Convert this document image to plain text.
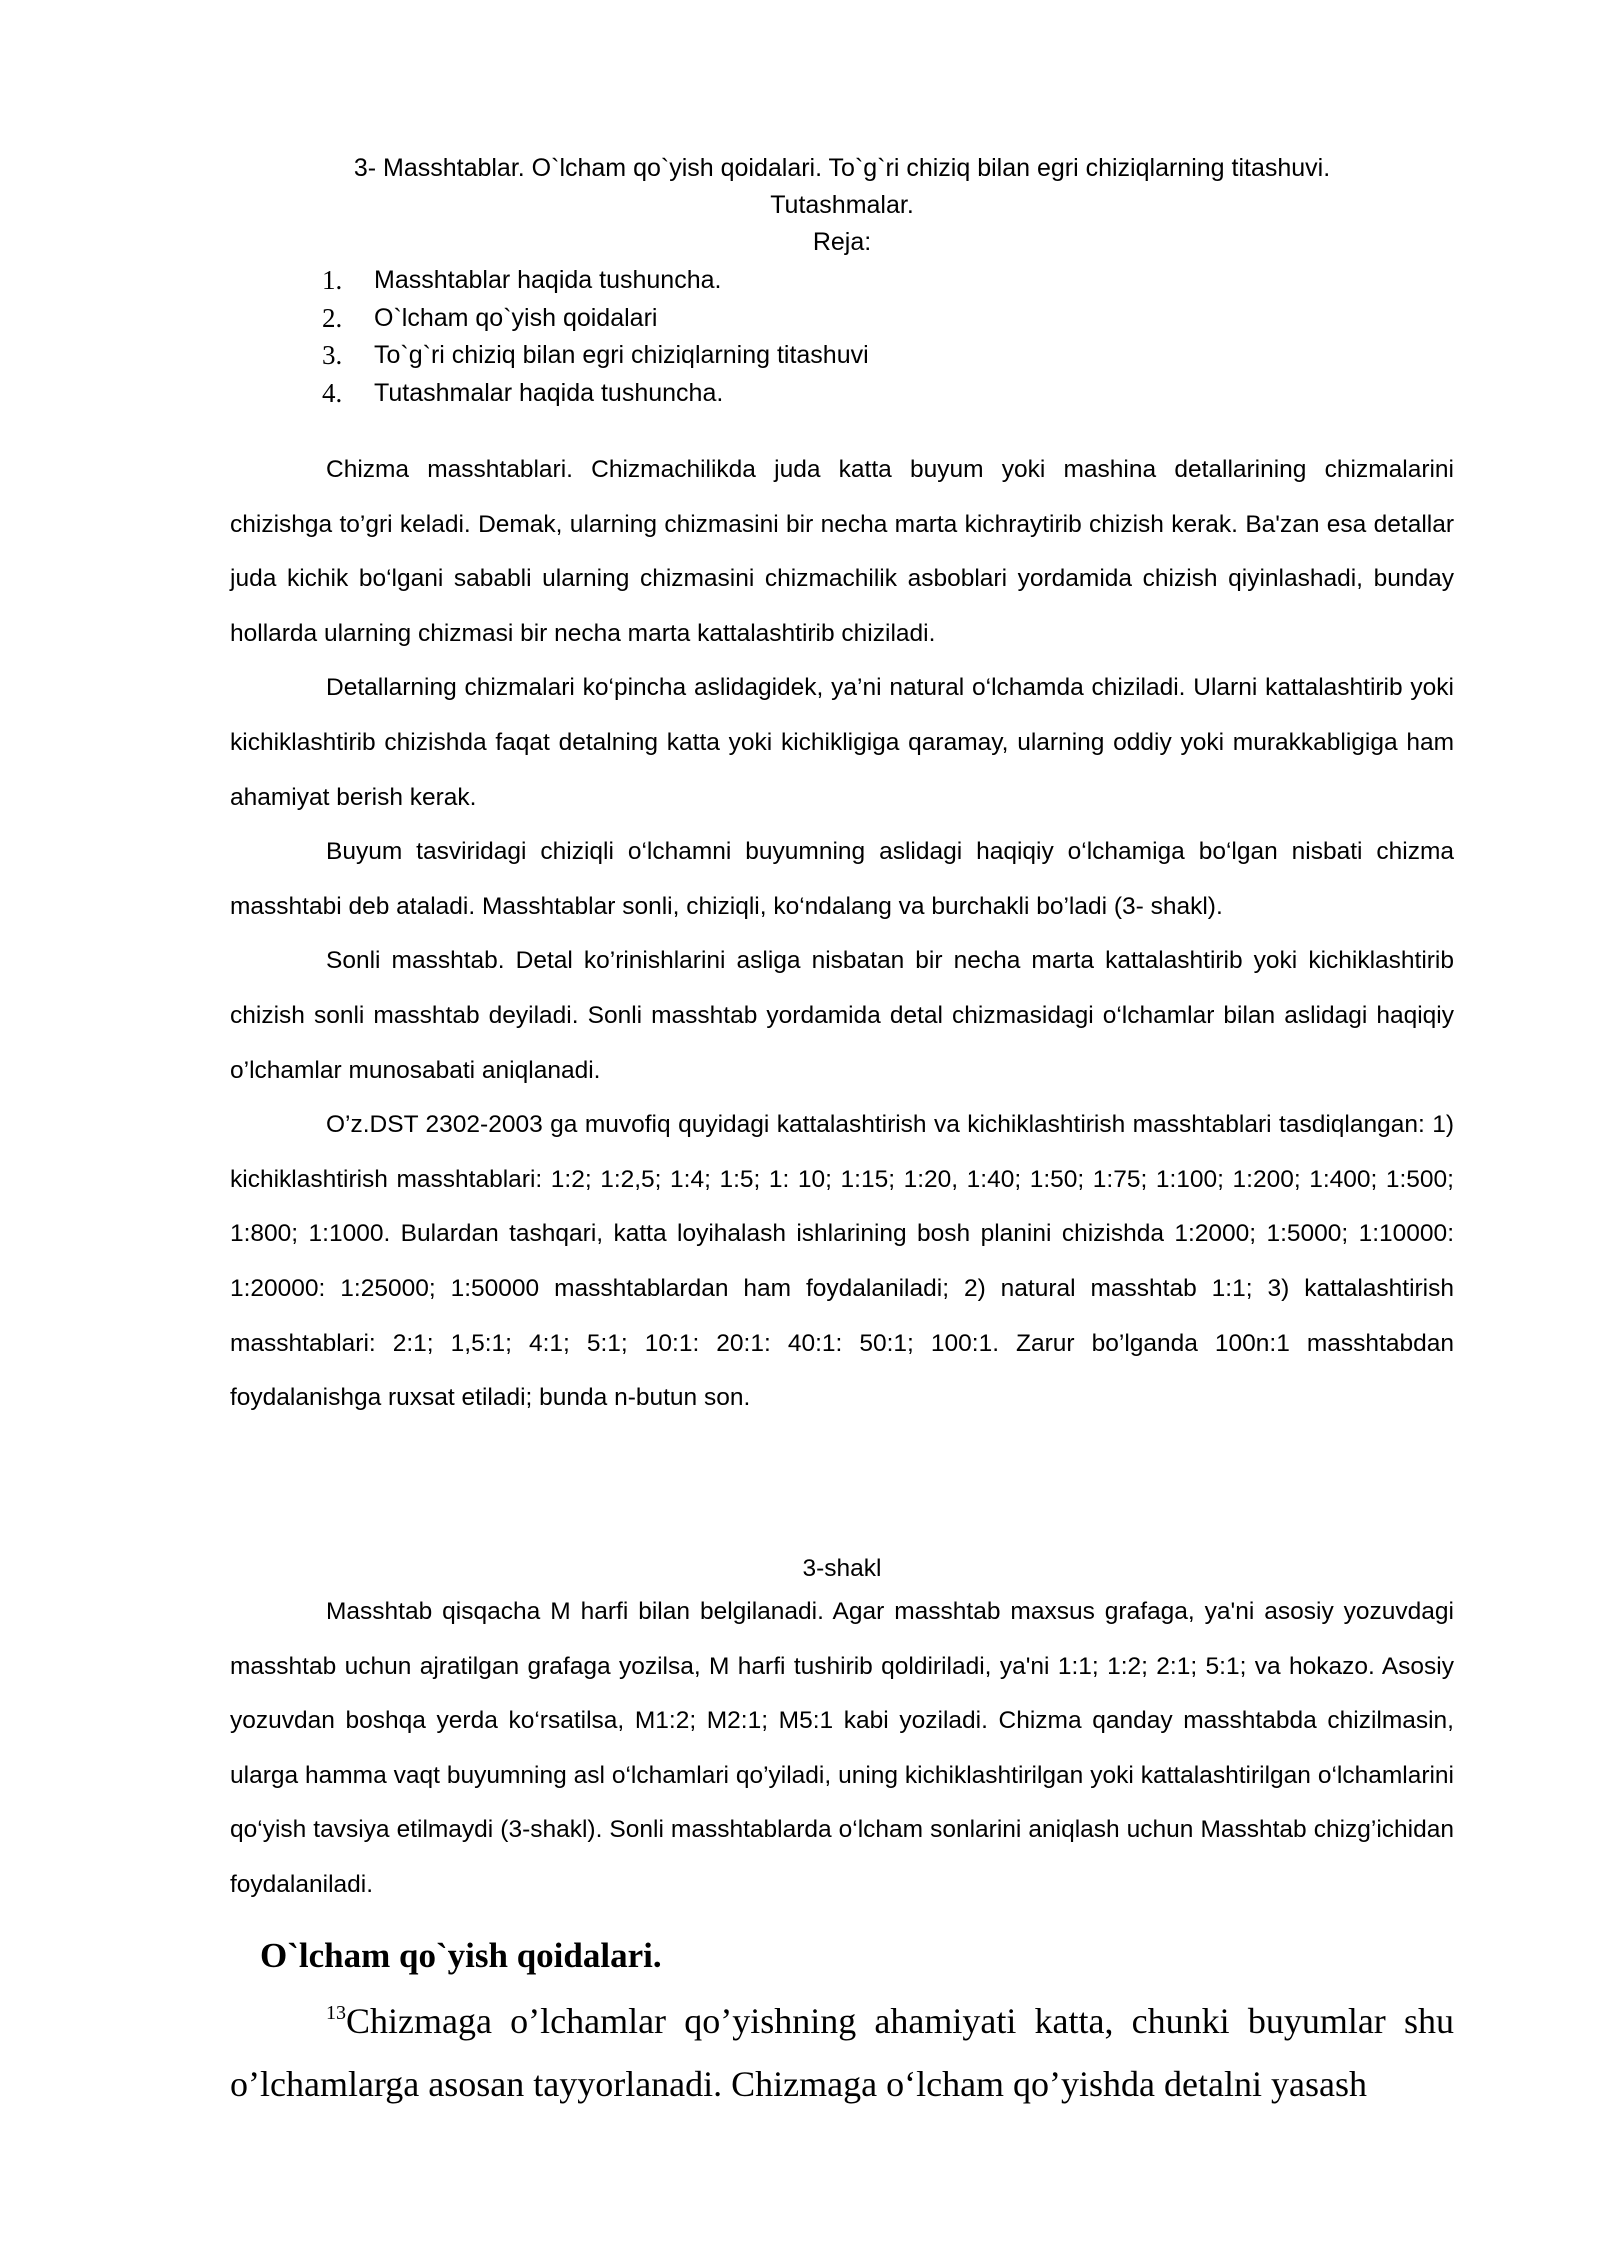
3- Masshtablar. O`lcham qo`yish qoidalari. To`g`ri chiziq bilan egri chiziqlarning titashuvi.
Tutashmalar.
Reja:
1.	Masshtablar haqida tushuncha.
2.	O`lcham qo`yish qoidalari
3.	To`g`ri chiziq bilan egri chiziqlarning titashuvi
4.	Tutashmalar haqida tushuncha.

Chizma masshtablari. Chizmachilikda juda katta buyum yoki mashina detallarining chizmalarini chizishga to’gri keladi. Demak, ularning chizmasini bir necha marta kichraytirib chizish kerak. Ba'zan esa detallar juda kichik bo‘lgani sababli ularning chizmasini chizmachilik asboblari yordamida chizish qiyinlashadi, bunday hollarda ularning chizmasi bir necha marta kattalashtirib chiziladi.

Detallarning chizmalari ko‘pincha aslidagidek, ya’ni natural o‘lchamda chiziladi. Ularni kattalashtirib yoki kichiklashtirib chizishda faqat detalning katta yoki kichikligiga qaramay, ularning oddiy yoki murakkabligiga ham ahamiyat berish kerak.

Buyum tasviridagi chiziqli o‘lchamni buyumning aslidagi haqiqiy o‘lchamiga bo‘lgan nisbati chizma masshtabi deb ataladi. Masshtablar sonli, chiziqli, ko‘ndalang va burchakli bo’ladi (3- shakl).

Sonli masshtab. Detal ko’rinishlarini asliga nisbatan bir necha marta kattalashtirib yoki kichiklashtirib chizish sonli masshtab deyiladi. Sonli masshtab yordamida detal chizmasidagi o‘lchamlar bilan aslidagi haqiqiy o’lchamlar munosabati aniqlanadi.

O’z.DST 2302-2003 ga muvofiq quyidagi kattalashtirish va kichiklashtirish masshtablari tasdiqlangan: 1) kichiklashtirish masshtablari: 1:2; 1:2,5; 1:4; 1:5; 1: 10; 1:15; 1:20, 1:40; 1:50; 1:75; 1:100; 1:200; 1:400; 1:500; 1:800; 1:1000. Bulardan tashqari, katta loyihalash ishlarining bosh planini chizishda 1:2000; 1:5000; 1:10000: 1:20000: 1:25000; 1:50000 masshtablardan ham foydalaniladi; 2) natural masshtab 1:1; 3) kattalashtirish masshtablari: 2:1; 1,5:1; 4:1; 5:1; 10:1: 20:1: 40:1: 50:1; 100:1. Zarur bo’lganda 100n:1 masshtabdan foydalanishga ruxsat etiladi; bunda n-butun son.

3-shakl

Masshtab qisqacha M harfi bilan belgilanadi. Agar masshtab maxsus grafaga, ya'ni asosiy yozuvdagi masshtab uchun ajratilgan grafaga yozilsa, M harfi tushirib qoldiriladi, ya'ni 1:1; 1:2; 2:1; 5:1; va hokazo. Asosiy yozuvdan boshqa yerda ko‘rsatilsa, M1:2; M2:1; M5:1 kabi yoziladi. Chizma qanday masshtabda chizilmasin, ularga hamma vaqt buyumning asl o‘lchamlari qo’yiladi, uning kichiklashtirilgan yoki kattalashtirilgan o‘lchamlarini qo‘yish tavsiya etilmaydi (3-shakl). Sonli masshtablarda o‘lcham sonlarini aniqlash uchun Masshtab chizg’ichidan foydalaniladi.

O`lcham qo`yish qoidalari.

$^{13}$Chizmaga o’lchamlar qo’yishning ahamiyati katta, chunki buyumlar shu o’lchamlarga asosan tayyorlanadi. Chizmaga o‘lcham qo’yishda detalni yasash
